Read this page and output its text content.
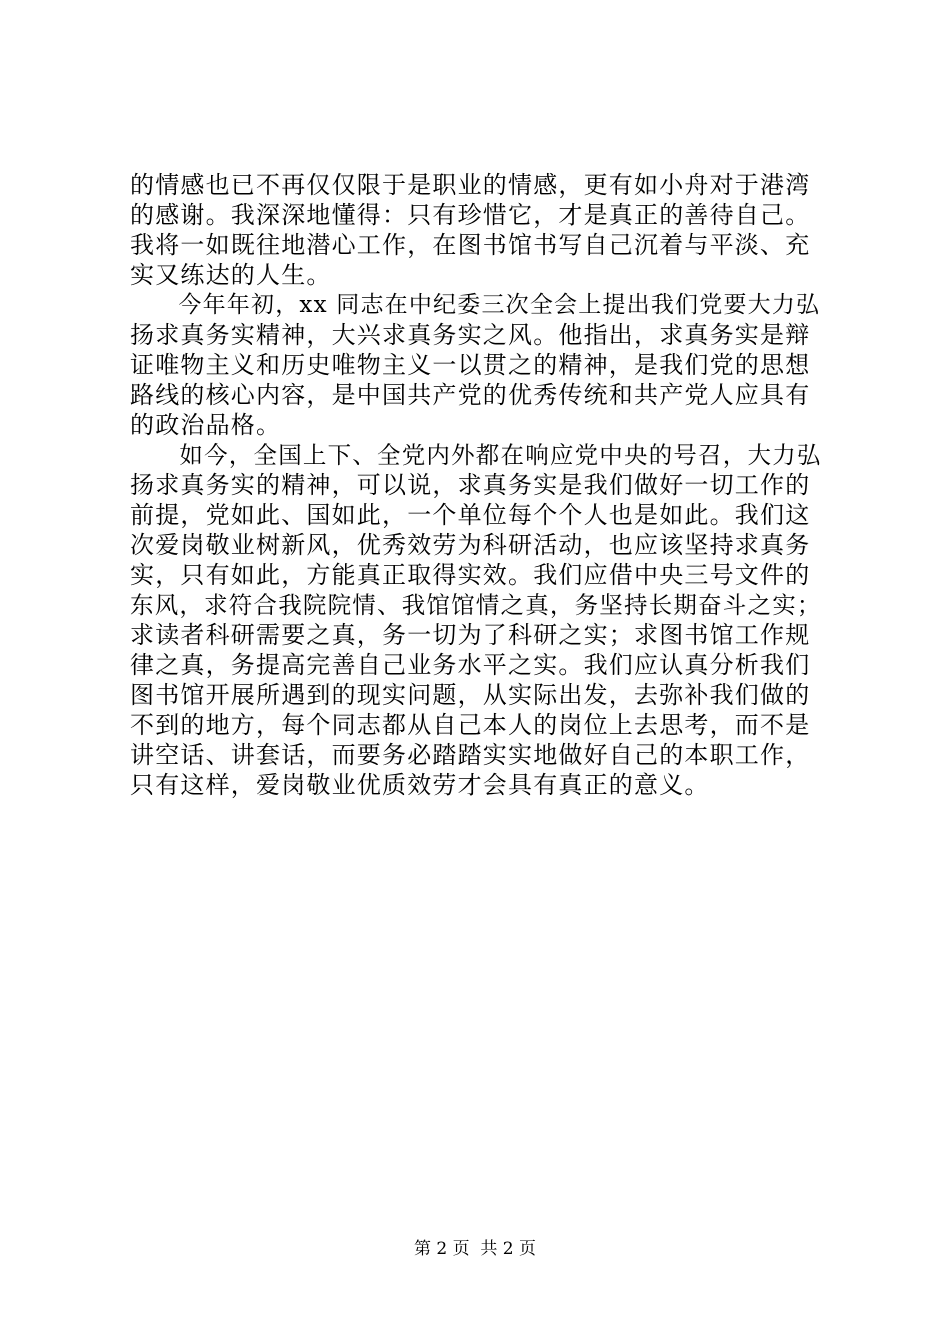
的情感也已不再仅仅限于是职业的情感，更有如小舟对于港湾
的感谢。我深深地懂得：只有珍惜它，才是真正的善待自己。
我将一如既往地潜心工作，在图书馆书写自己沉着与平淡、充
实又练达的人生。
　　今年年初，xx 同志在中纪委三次全会上提出我们党要大力弘
扬求真务实精神，大兴求真务实之风。他指出，求真务实是辩
证唯物主义和历史唯物主义一以贯之的精神，是我们党的思想
路线的核心内容，是中国共产党的优秀传统和共产党人应具有
的政治品格。
　　如今，全国上下、全党内外都在响应党中央的号召，大力弘
扬求真务实的精神，可以说，求真务实是我们做好一切工作的
前提，党如此、国如此，一个单位每个个人也是如此。我们这
次爱岗敬业树新风，优秀效劳为科研活动，也应该坚持求真务
实，只有如此，方能真正取得实效。我们应借中央三号文件的
东风，求符合我院院情、我馆馆情之真，务坚持长期奋斗之实；
求读者科研需要之真，务一切为了科研之实；求图书馆工作规
律之真，务提高完善自己业务水平之实。我们应认真分析我们
图书馆开展所遇到的现实问题，从实际出发，去弥补我们做的
不到的地方，每个同志都从自己本人的岗位上去思考，而不是
讲空话、讲套话，而要务必踏踏实实地做好自己的本职工作，
只有这样，爱岗敬业优质效劳才会具有真正的意义。
第 2 页  共 2 页
